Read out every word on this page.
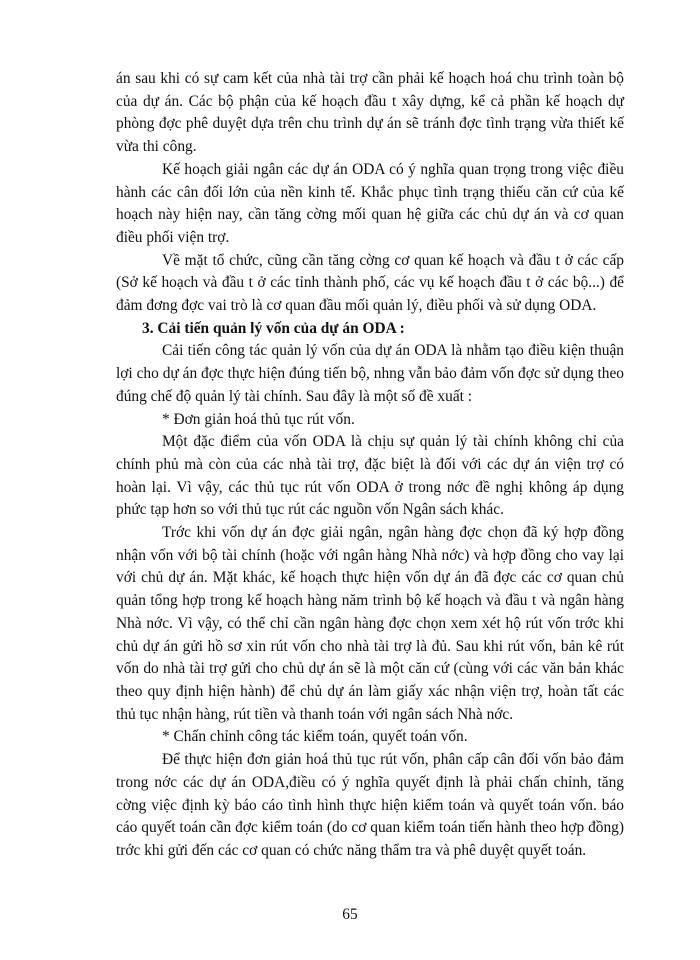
án sau khi có sự cam kết của nhà tài trợ cần phải kế hoạch hoá chu trình toàn bộ của dự án. Các bộ phận của kế hoạch đầu t xây dựng, kể cả phần kế hoạch dự phòng đợc phê duyệt dựa trên chu trình dự án sẽ tránh đợc tình trạng vừa thiết kế vừa thi công.

Kế hoạch giải ngân các dự án ODA có ý nghĩa quan trọng trong việc điều hành các cân đối lớn của nền kinh tế. Khắc phục tình trạng thiếu căn cứ của kế hoạch này hiện nay, cần tăng cờng mối quan hệ giữa các chủ dự án và cơ quan điều phối viện trợ.

Về mặt tổ chức, cũng cần tăng cờng cơ quan kế hoạch và đầu t ở các cấp (Sở kế hoạch và đầu t ở các tỉnh thành phố, các vụ kế hoạch đầu t ở các bộ...) để đảm đơng đợc vai trò là cơ quan đầu mối quản lý, điều phối và sử dụng ODA.

3. Cải tiến quản lý vốn của dự án ODA :

Cải tiến công tác quản lý vốn của dự án ODA là nhằm tạo điều kiện thuận lợi cho dự án đợc thực hiện đúng tiến bộ, nhng vẫn bảo đảm vốn đợc sử dụng theo đúng chế độ quản lý tài chính. Sau đây là một số đề xuất :

* Đơn giản hoá thủ tục rút vốn.

Một đặc điểm của vốn ODA là chịu sự quản lý tài chính không chỉ của chính phủ mà còn của các nhà tài trợ, đặc biệt là đối với các dự án viện trợ có hoàn lại. Vì vậy, các thủ tục rút vốn ODA ở trong nớc đề nghị không áp dụng phức tạp hơn so với thủ tục rút các nguồn vốn Ngân sách khác.

Trớc khi vốn dự án đợc giải ngân, ngân hàng đợc chọn đã ký hợp đồng nhận vốn với bộ tài chính (hoặc với ngân hàng Nhà nớc) và hợp đồng cho vay lại với chủ dự án. Mặt khác, kế hoạch thực hiện vốn dự án đã đợc các cơ quan chủ quản tổng hợp trong kế hoạch hàng năm trình bộ kế hoạch và đầu t và ngân hàng Nhà nớc. Vì vậy, có thể chỉ cần ngân hàng đợc chọn xem xét hộ rút vốn trớc khi chủ dự án gửi hồ sơ xin rút vốn cho nhà tài trợ là đủ. Sau khi rút vốn, bản kê rút vốn do nhà tài trợ gửi cho chủ dự án sẽ là một căn cứ (cùng với các văn bản khác theo quy định hiện hành) để chủ dự án làm giấy xác nhận viện trợ, hoàn tất các thủ tục nhận hàng, rút tiền và thanh toán với ngân sách Nhà nớc.

* Chấn chỉnh công tác kiểm toán, quyết toán vốn.

Để thực hiện đơn giản hoá thủ tục rút vốn, phân cấp cân đối vốn bảo đảm trong nớc các dự án ODA,điều có ý nghĩa quyết định là phải chấn chỉnh, tăng cờng việc định kỳ báo cáo tình hình thực hiện kiểm toán và quyết toán vốn. báo cáo quyết toán cần đợc kiểm toán (do cơ quan kiểm toán tiến hành theo hợp đồng) trớc khi gửi đến các cơ quan có chức năng thẩm tra và phê duyệt quyết toán.

65
